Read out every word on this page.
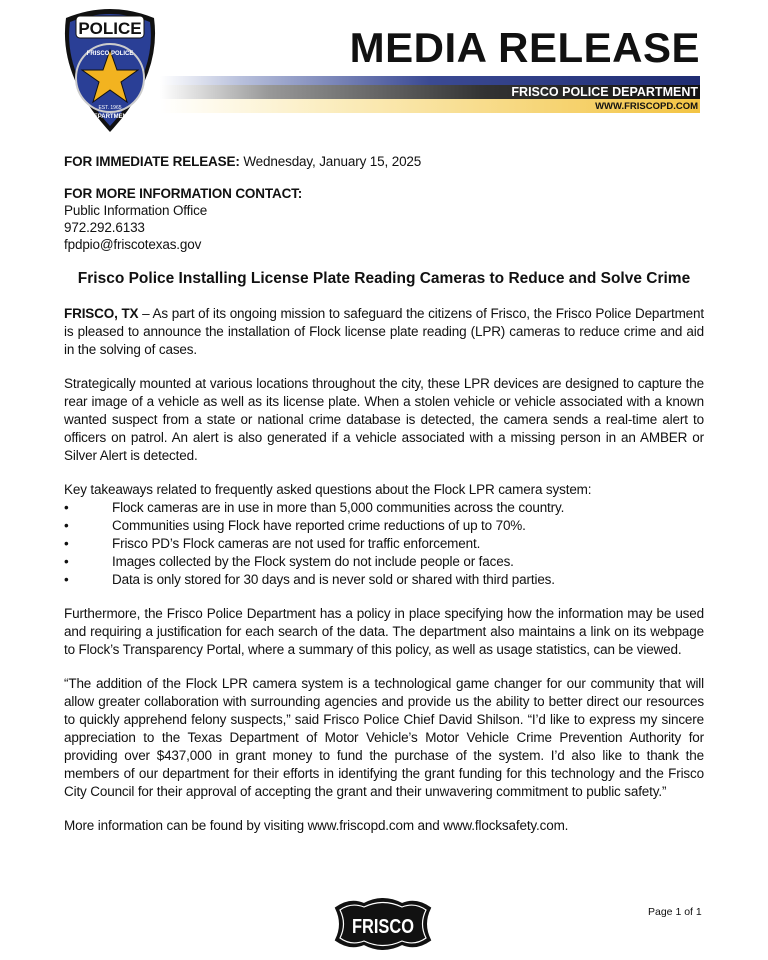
POLICE
FRISCO POLICE
EST. 1965
DEPARTMENT
MEDIA RELEASE
FRISCO POLICE DEPARTMENT
WWW.FRISCOPD.COM
FOR IMMEDIATE RELEASE: Wednesday, January 15, 2025
FOR MORE INFORMATION CONTACT:
Public Information Office
972.292.6133
fpdpio@friscotexas.gov
Frisco Police Installing License Plate Reading Cameras to Reduce and Solve Crime
FRISCO, TX – As part of its ongoing mission to safeguard the citizens of Frisco, the Frisco Police Department is pleased to announce the installation of Flock license plate reading (LPR) cameras to reduce crime and aid in the solving of cases.
Strategically mounted at various locations throughout the city, these LPR devices are designed to capture the rear image of a vehicle as well as its license plate. When a stolen vehicle or vehicle associated with a known wanted suspect from a state or national crime database is detected, the camera sends a real-time alert to officers on patrol. An alert is also generated if a vehicle associated with a missing person in an AMBER or Silver Alert is detected.
Key takeaways related to frequently asked questions about the Flock LPR camera system:
•	Flock cameras are in use in more than 5,000 communities across the country.
•	Communities using Flock have reported crime reductions of up to 70%.
•	Frisco PD’s Flock cameras are not used for traffic enforcement.
•	Images collected by the Flock system do not include people or faces.
•	Data is only stored for 30 days and is never sold or shared with third parties.
Furthermore, the Frisco Police Department has a policy in place specifying how the information may be used and requiring a justification for each search of the data. The department also maintains a link on its webpage to Flock’s Transparency Portal, where a summary of this policy, as well as usage statistics, can be viewed.
“The addition of the Flock LPR camera system is a technological game changer for our community that will allow greater collaboration with surrounding agencies and provide us the ability to better direct our resources to quickly apprehend felony suspects,” said Frisco Police Chief David Shilson. “I’d like to express my sincere appreciation to the Texas Department of Motor Vehicle’s Motor Vehicle Crime Prevention Authority for providing over $437,000 in grant money to fund the purchase of the system. I’d also like to thank the members of our department for their efforts in identifying the grant funding for this technology and the Frisco City Council for their approval of accepting the grant and their unwavering commitment to public safety.”
More information can be found by visiting www.friscopd.com and www.flocksafety.com.
FRISCO
Page 1 of 1
